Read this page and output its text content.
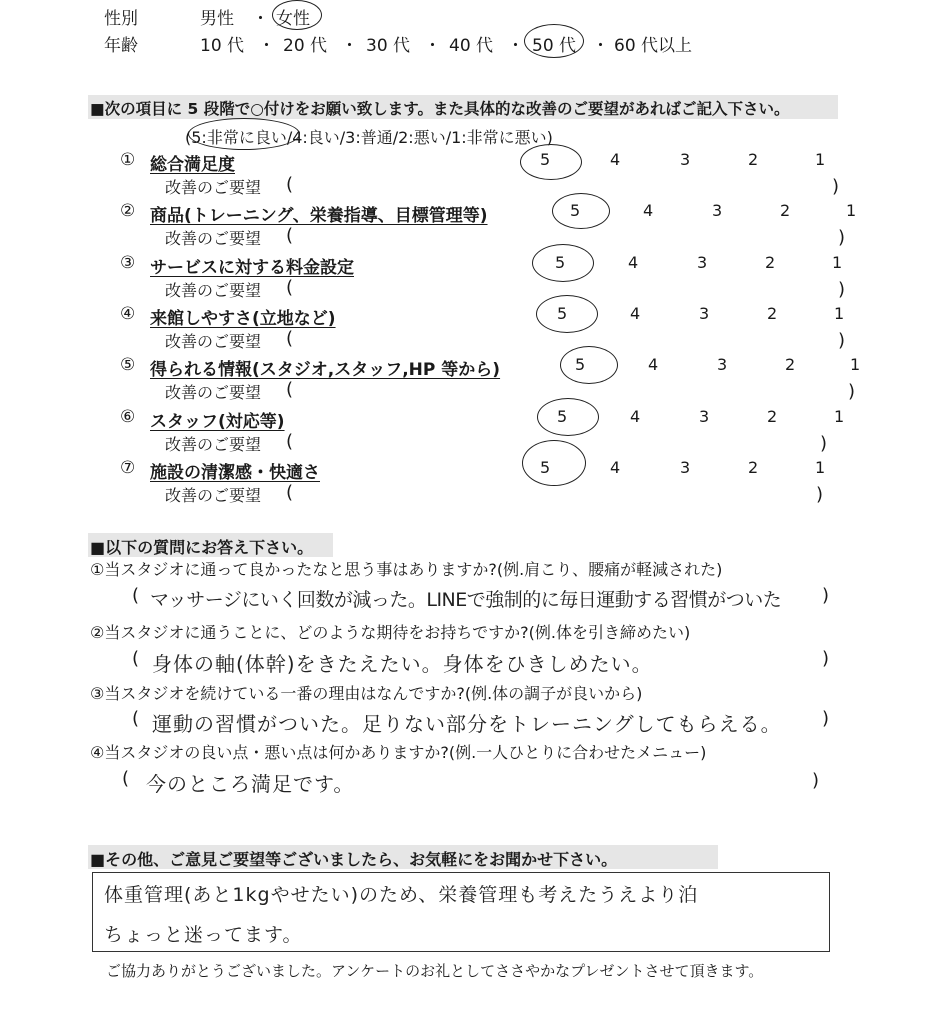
性別	男性 ・ 女性
年齢	10 代 ・ 20 代 ・ 30 代 ・ 40 代 ・ 50 代 ・ 60 代以上
■次の項目に 5 段階で○付けをお願い致します。また具体的な改善のご要望があればご記入下さい。
(5:非常に良い/4:良い/3:普通/2:悪い/1:非常に悪い)
① 総合満足度	5	4	3	2	1
改善のご要望 (	)
② 商品(トレーニング、栄養指導、目標管理等)	5	4	3	2	1
改善のご要望 (	)
③ サービスに対する料金設定	5	4	3	2	1
改善のご要望 (	)
④ 来館しやすさ(立地など)	5	4	3	2	1
改善のご要望 (	)
⑤ 得られる情報(スタジオ,スタッフ,HP 等から)	5	4	3	2	1
改善のご要望 (	)
⑥ スタッフ(対応等)	5	4	3	2	1
改善のご要望 (	)
⑦ 施設の清潔感・快適さ	5	4	3	2	1
改善のご要望 (	)
■以下の質問にお答え下さい。
①当スタジオに通って良かったなと思う事はありますか?(例.肩こり、腰痛が軽減された)
( マッサージにいく回数が減った。LINEで強制的に毎日運動する習慣がついた )
②当スタジオに通うことに、どのような期待をお持ちですか?(例.体を引き締めたい)
( 身体の軸(体幹)をきたえたい。身体をひきしめたい。	)
③当スタジオを続けている一番の理由はなんですか?(例.体の調子が良いから)
( 運動の習慣がついた。足りない部分をトレーニングしてもらえる。 )
④当スタジオの良い点・悪い点は何かありますか?(例.一人ひとりに合わせたメニュー)
( 今のところ満足です。	)
■その他、ご意見ご要望等ございましたら、お気軽にをお聞かせ下さい。
体重管理(あと1kgやせたい)のため、栄養管理も考えたうえより泊
ちょっと迷ってます。
ご協力ありがとうございました。アンケートのお礼としてささやかなプレゼントさせて頂きます。
